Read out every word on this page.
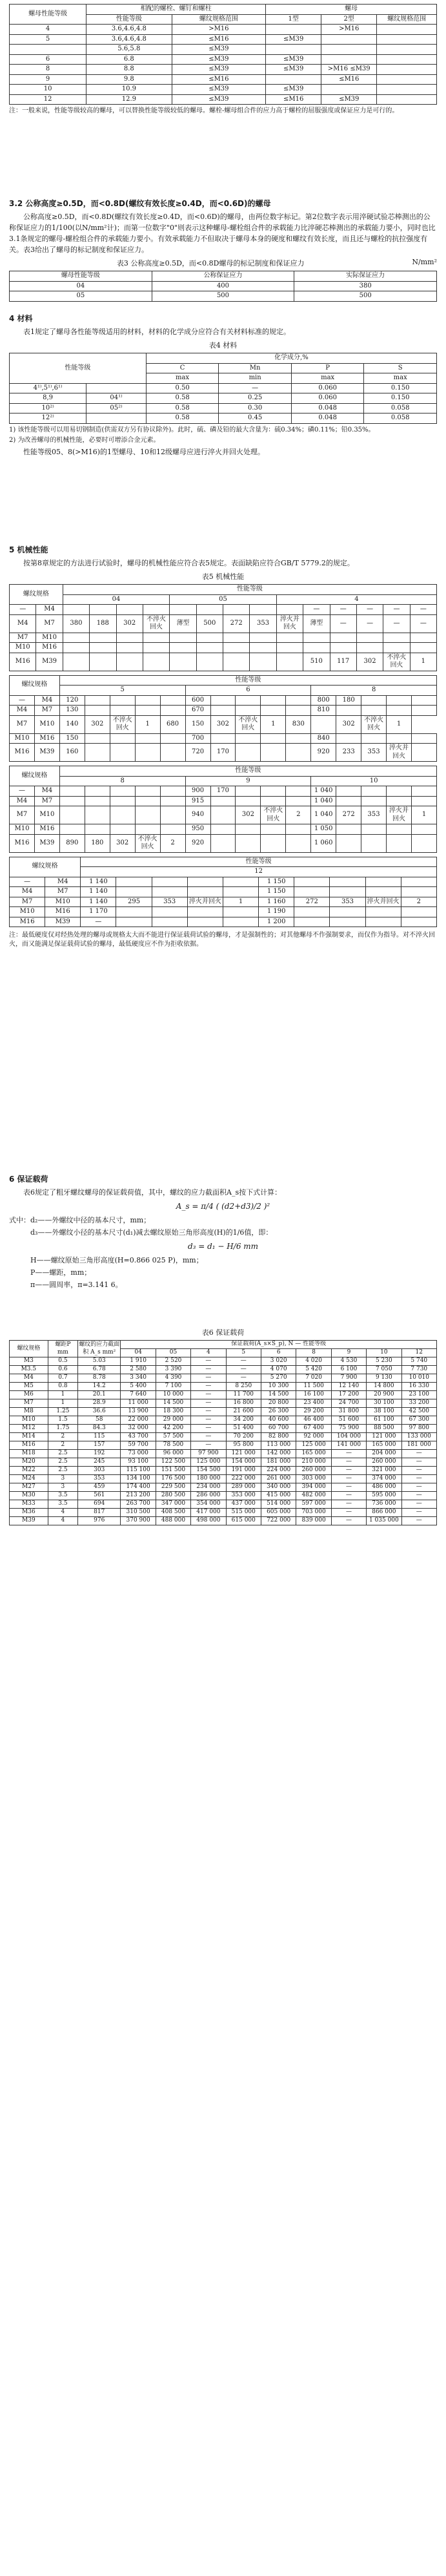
螺母性能等级	相配的螺栓、螺钉和螺柱		螺母		
	性能等级	螺纹规格范围	1型	2型	螺纹规格范围
4	3.6,4.6,4.8	>M16		>M16	
5	3.6,4.6,4.8	≤M16	≤M39		
	5.6,5.8	≤M39			
6	6.8	≤M39	≤M39		
8	8.8	≤M39	≤M39	>M16 ≤M39	
9	9.8	≤M16		≤M16	
10	10.9	≤M39	≤M39		
12	12.9	≤M39	≤M16	≤M39	
注：一般来说，性能等级较高的螺母，可以替换性能等级较低的螺母。螺栓-螺母组合件的应力高于螺栓的屈服强度或保证应力是可行的。
3.2 公称高度≥0.5D，而<0.8D(螺纹有效长度≥0.4D，而<0.6D)的螺母
公称高度≥0.5D，而<0.8D(螺纹有效长度≥0.4D，而<0.6D)的螺母，由两位数字标记。第2位数字表示用淬硬试验芯棒测出的公称保证应力的1/100(以N/mm²计)；而第一位数字"0"则表示这种螺母-螺栓组合件的承载能力比淬硬芯棒测出的承载能力要小，同时也比3.1条规定的螺母-螺栓组合件的承载能力要小。有效承载能力不但取决于螺母本身的硬度和螺纹有效长度，而且还与螺栓的抗拉强度有关。表3给出了螺母的标记制度和保证应力。
表3 公称高度≥0.5D，而<0.8D螺母的标记制度和保证应力	N/mm²
螺母性能等级	公称保证应力	实际保证应力
04	400	380
05	500	500
4 材料
表1规定了螺母各性能等级适用的材料，材料的化学成分应符合有关材料标准的规定。
表4 材料
性能等级		化学成分,%			
		C	Mn	P	S
		max	min	max	max
4¹⁾,5¹⁾,6¹⁾		0.50	—	0.060	0.150
8,9	04¹⁾	0.58	0.25	0.060	0.150
10²⁾	05²⁾	0.58	0.30	0.048	0.058
12²⁾		0.58	0.45	0.048	0.058
1) 该性能等级可以用易切钢制造(供需双方另有协议除外)。此时，硫、磷及铅的最大含量为：硫0.34%；磷0.11%；铅0.35%。
2) 为改善螺母的机械性能，必要时可增添合金元素。
性能等级05、8(>M16)的1型螺母、10和12级螺母应进行淬火并回火处理。
5 机械性能
按第8章规定的方法进行试验时，螺母的机械性能应符合表5规定。表面缺陷应符合GB/T 5779.2的规定。
表5 机械性能
螺纹规格		性能等级													
		04				05				4					
—	M4										—	—	—	—	—
M4	M7	380	188	302	不淬火回火	薄型	500	272	353	淬火并回火	薄型	—	—	—	—
M7	M10														
M10	M16														
M16	M39										510	117	302	不淬火回火	1
螺纹规格		性能等级														
		5					6					8				
—	M4	120					600					800	180			
M4	M7	130					670					810				
M7	M10	140	302	不淬火回火	1	680	150	302	不淬火回火	1	830		302	不淬火回火	1	
M10	M16	150					700					840				
M16	M39	160					720	170				920	233	353	淬火并回火	
螺纹规格		性能等级														
		8					9					10				
—	M4						900	170				1 040				
M4	M7						915					1 040				
M7	M10						940		302	不淬火回火	2	1 040	272	353	淬火并回火	1
M10	M16						950					1 050				
M16	M39	890	180	302	不淬火回火	2	920					1 060				
螺纹规格		性能等级									
		12									
—	M4	1 140					1 150				
M4	M7	1 140					1 150				
M7	M10	1 140	295	353	淬火并回火	1	1 160	272	353	淬火并回火	2
M10	M16	1 170					1 190				
M16	M39	—					1 200				
注：最低硬度仅对经热处理的螺母或规格太大而不能进行保证载荷试验的螺母，才是强制性的；对其他螺母不作强制要求，而仅作为指导。对不淬火回火，而又能满足保证载荷试验的螺母，最低硬度应不作为拒收依据。
6 保证载荷
表6规定了粗牙螺纹螺母的保证载荷值，其中，螺纹的应力截面积A_s按下式计算：
A_s = π/4 ( (d2+d3)/2 )²
式中：d₂——外螺纹中径的基本尺寸，mm；
d₃——外螺纹小径的基本尺寸(d₁)减去螺纹原始三角形高度(H)的1/6值，即：
d₃ = d₁ − H/6 mm
H——螺纹原始三角形高度(H=0.866 025 P)，mm；
P——螺距，mm；
π——圆周率，π=3.141 6。
表6 保证载荷
螺纹规格	螺距P mm	螺纹的应力截面积 A_s mm²	保证载荷(A_s×S_p), N — 性能等级								
			04	05	4	5	6	8	9	10	12
M3	0.5	5.03	1 910	2 520	—	—	3 020	4 020	4 530	5 230	5 740
M3.5	0.6	6.78	2 580	3 390	—	—	4 070	5 420	6 100	7 050	7 730
M4	0.7	8.78	3 340	4 390	—	—	5 270	7 020	7 900	9 130	10 010
M5	0.8	14.2	5 400	7 100	—	8 250	10 300	11 500	12 140	14 800	16 330
M6	1	20.1	7 640	10 000	—	11 700	14 500	16 100	17 200	20 900	23 100
M7	1	28.9	11 000	14 500	—	16 800	20 800	23 400	24 700	30 100	33 200
M8	1.25	36.6	13 900	18 300	—	21 600	26 300	29 200	31 800	38 100	42 500
M10	1.5	58	22 000	29 000	—	34 200	40 600	46 400	51 600	61 100	67 300
M12	1.75	84.3	32 000	42 200	—	51 400	60 700	67 400	75 900	88 500	97 800
M14	2	115	43 700	57 500	—	70 200	82 800	92 000	104 000	121 000	133 000
M16	2	157	59 700	78 500	—	95 800	113 000	125 000	141 000	165 000	181 000
M18	2.5	192	73 000	96 000	97 900	121 000	142 000	165 000	—	204 000	—
M20	2.5	245	93 100	122 500	125 000	154 000	181 000	210 000	—	260 000	—
M22	2.5	303	115 100	151 500	154 500	191 000	224 000	260 000	—	321 000	—
M24	3	353	134 100	176 500	180 000	222 000	261 000	303 000	—	374 000	—
M27	3	459	174 400	229 500	234 000	289 000	340 000	394 000	—	486 000	—
M30	3.5	561	213 200	280 500	286 000	353 000	415 000	482 000	—	595 000	—
M33	3.5	694	263 700	347 000	354 000	437 000	514 000	597 000	—	736 000	—
M36	4	817	310 500	408 500	417 000	515 000	605 000	703 000	—	866 000	—
M39	4	976	370 900	488 000	498 000	615 000	722 000	839 000	—	1 035 000	—
